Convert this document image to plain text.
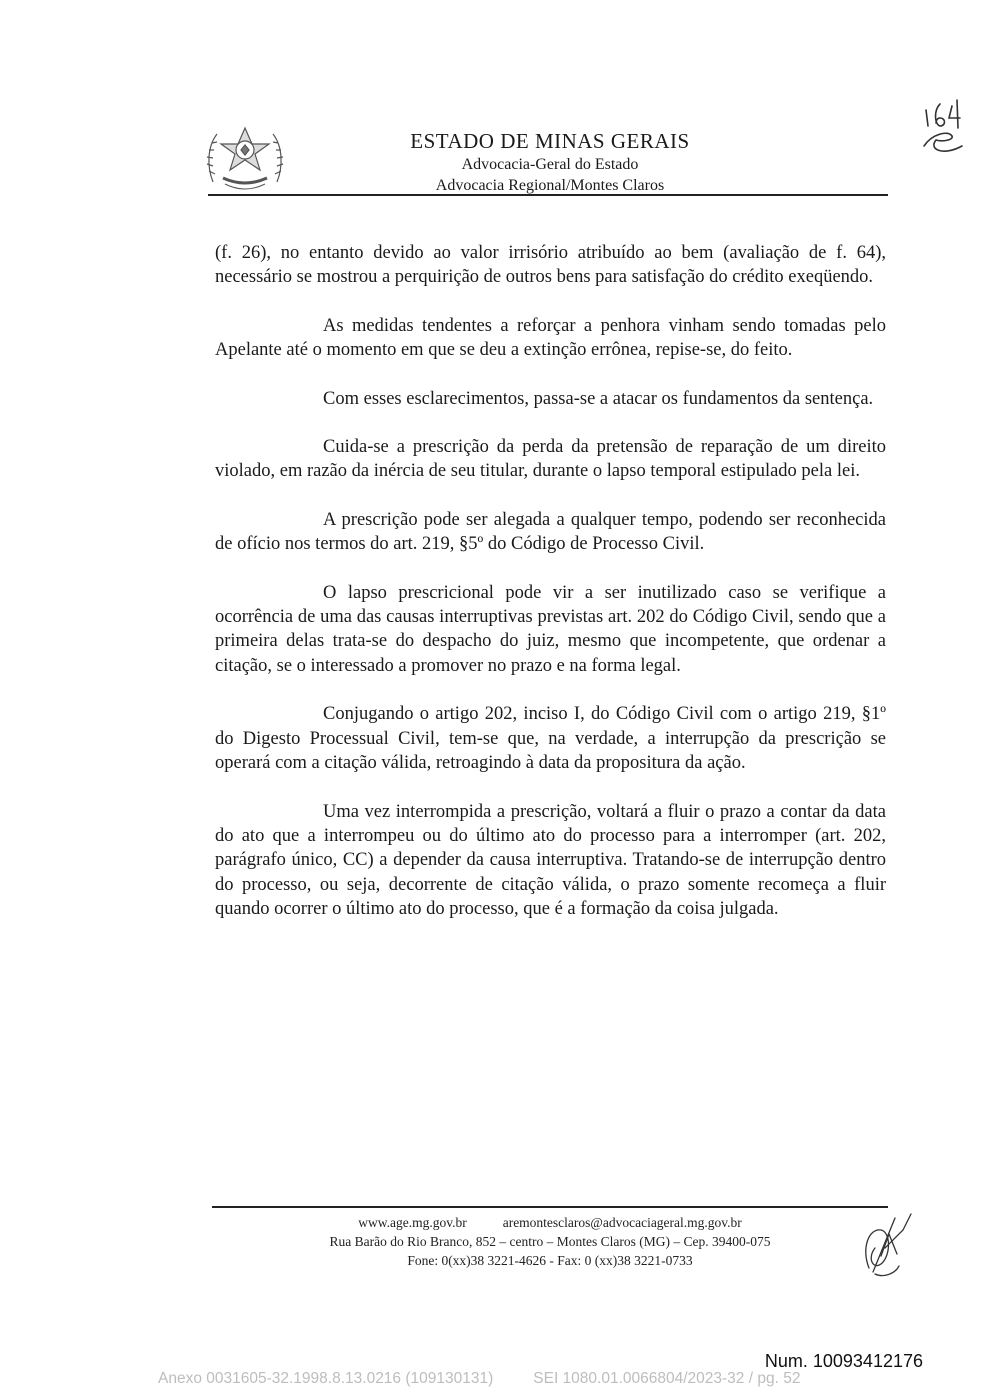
ESTADO DE MINAS GERAIS
Advocacia-Geral do Estado
Advocacia Regional/Montes Claros

(f. 26), no entanto devido ao valor irrisório atribuído ao bem (avaliação de f. 64), necessário se mostrou a perquirição de outros bens para satisfação do crédito exeqüendo.

As medidas tendentes a reforçar a penhora vinham sendo tomadas pelo Apelante até o momento em que se deu a extinção errônea, repise-se, do feito.

Com esses esclarecimentos, passa-se a atacar os fundamentos da sentença.

Cuida-se a prescrição da perda da pretensão de reparação de um direito violado, em razão da inércia de seu titular, durante o lapso temporal estipulado pela lei.

A prescrição pode ser alegada a qualquer tempo, podendo ser reconhecida de ofício nos termos do art. 219, §5º do Código de Processo Civil.

O lapso prescricional pode vir a ser inutilizado caso se verifique a ocorrência de uma das causas interruptivas previstas art. 202 do Código Civil, sendo que a primeira delas trata-se do despacho do juiz, mesmo que incompetente, que ordenar a citação, se o interessado a promover no prazo e na forma legal.

Conjugando o artigo 202, inciso I, do Código Civil com o artigo 219, §1º do Digesto Processual Civil, tem-se que, na verdade, a interrupção da prescrição se operará com a citação válida, retroagindo à data da propositura da ação.

Uma vez interrompida a prescrição, voltará a fluir o prazo a contar da data do ato que a interrompeu ou do último ato do processo para a interromper (art. 202, parágrafo único, CC) a depender da causa interruptiva. Tratando-se de interrupção dentro do processo, ou seja, decorrente de citação válida, o prazo somente recomeça a fluir quando ocorrer o último ato do processo, que é a formação da coisa julgada.

www.age.mg.gov.br	aremontesclaros@advocaciageral.mg.gov.br
Rua Barão do Rio Branco, 852 – centro – Montes Claros (MG) – Cep. 39400-075
Fone: 0(xx)38 3221-4626 - Fax: 0 (xx)38 3221-0733
Num. 10093412176
Anexo 0031605-32.1998.8.13.0216 (109130131)	SEI 1080.01.0066804/2023-32 / pg. 52
